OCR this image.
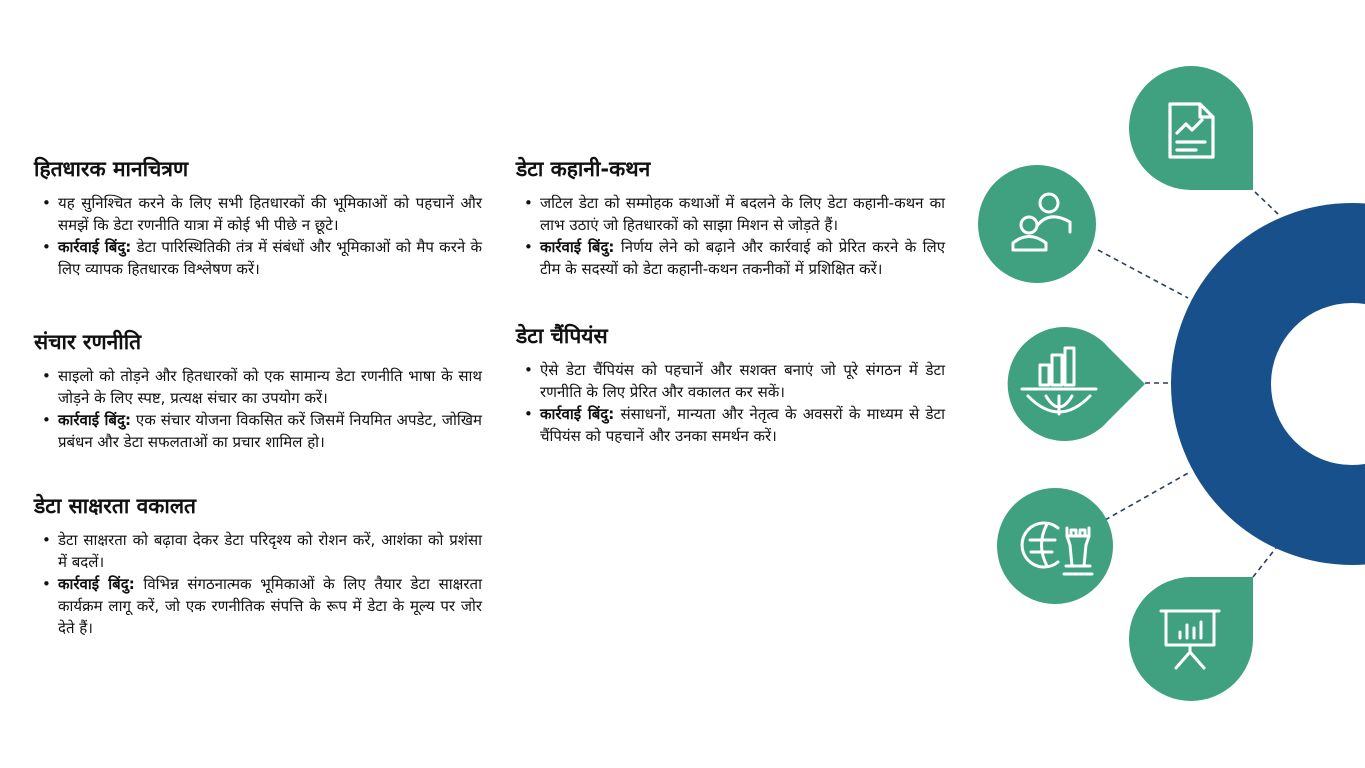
हितधारक मानचित्रण
• यह सुनिश्चित करने के लिए सभी हितधारकों की भूमिकाओं को पहचानें और समझें कि डेटा रणनीति यात्रा में कोई भी पीछे न छूटे।
• कार्रवाई बिंदु: डेटा पारिस्थितिकी तंत्र में संबंधों और भूमिकाओं को मैप करने के लिए व्यापक हितधारक विश्लेषण करें।
संचार रणनीति
• साइलो को तोड़ने और हितधारकों को एक सामान्य डेटा रणनीति भाषा के साथ जोड़ने के लिए स्पष्ट, प्रत्यक्ष संचार का उपयोग करें।
• कार्रवाई बिंदु: एक संचार योजना विकसित करें जिसमें नियमित अपडेट, जोखिम प्रबंधन और डेटा सफलताओं का प्रचार शामिल हो।
डेटा साक्षरता वकालत
• डेटा साक्षरता को बढ़ावा देकर डेटा परिदृश्य को रोशन करें, आशंका को प्रशंसा में बदलें।
• कार्रवाई बिंदु: विभिन्न संगठनात्मक भूमिकाओं के लिए तैयार डेटा साक्षरता कार्यक्रम लागू करें, जो एक रणनीतिक संपत्ति के रूप में डेटा के मूल्य पर जोर देते हैं।
डेटा कहानी-कथन
• जटिल डेटा को सम्मोहक कथाओं में बदलने के लिए डेटा कहानी-कथन का लाभ उठाएं जो हितधारकों को साझा मिशन से जोड़ते हैं।
• कार्रवाई बिंदु: निर्णय लेने को बढ़ाने और कार्रवाई को प्रेरित करने के लिए टीम के सदस्यों को डेटा कहानी-कथन तकनीकों में प्रशिक्षित करें।
डेटा चैंपियंस
• ऐसे डेटा चैंपियंस को पहचानें और सशक्त बनाएं जो पूरे संगठन में डेटा रणनीति के लिए प्रेरित और वकालत कर सकें।
• कार्रवाई बिंदु: संसाधनों, मान्यता और नेतृत्व के अवसरों के माध्यम से डेटा चैंपियंस को पहचानें और उनका समर्थन करें।
